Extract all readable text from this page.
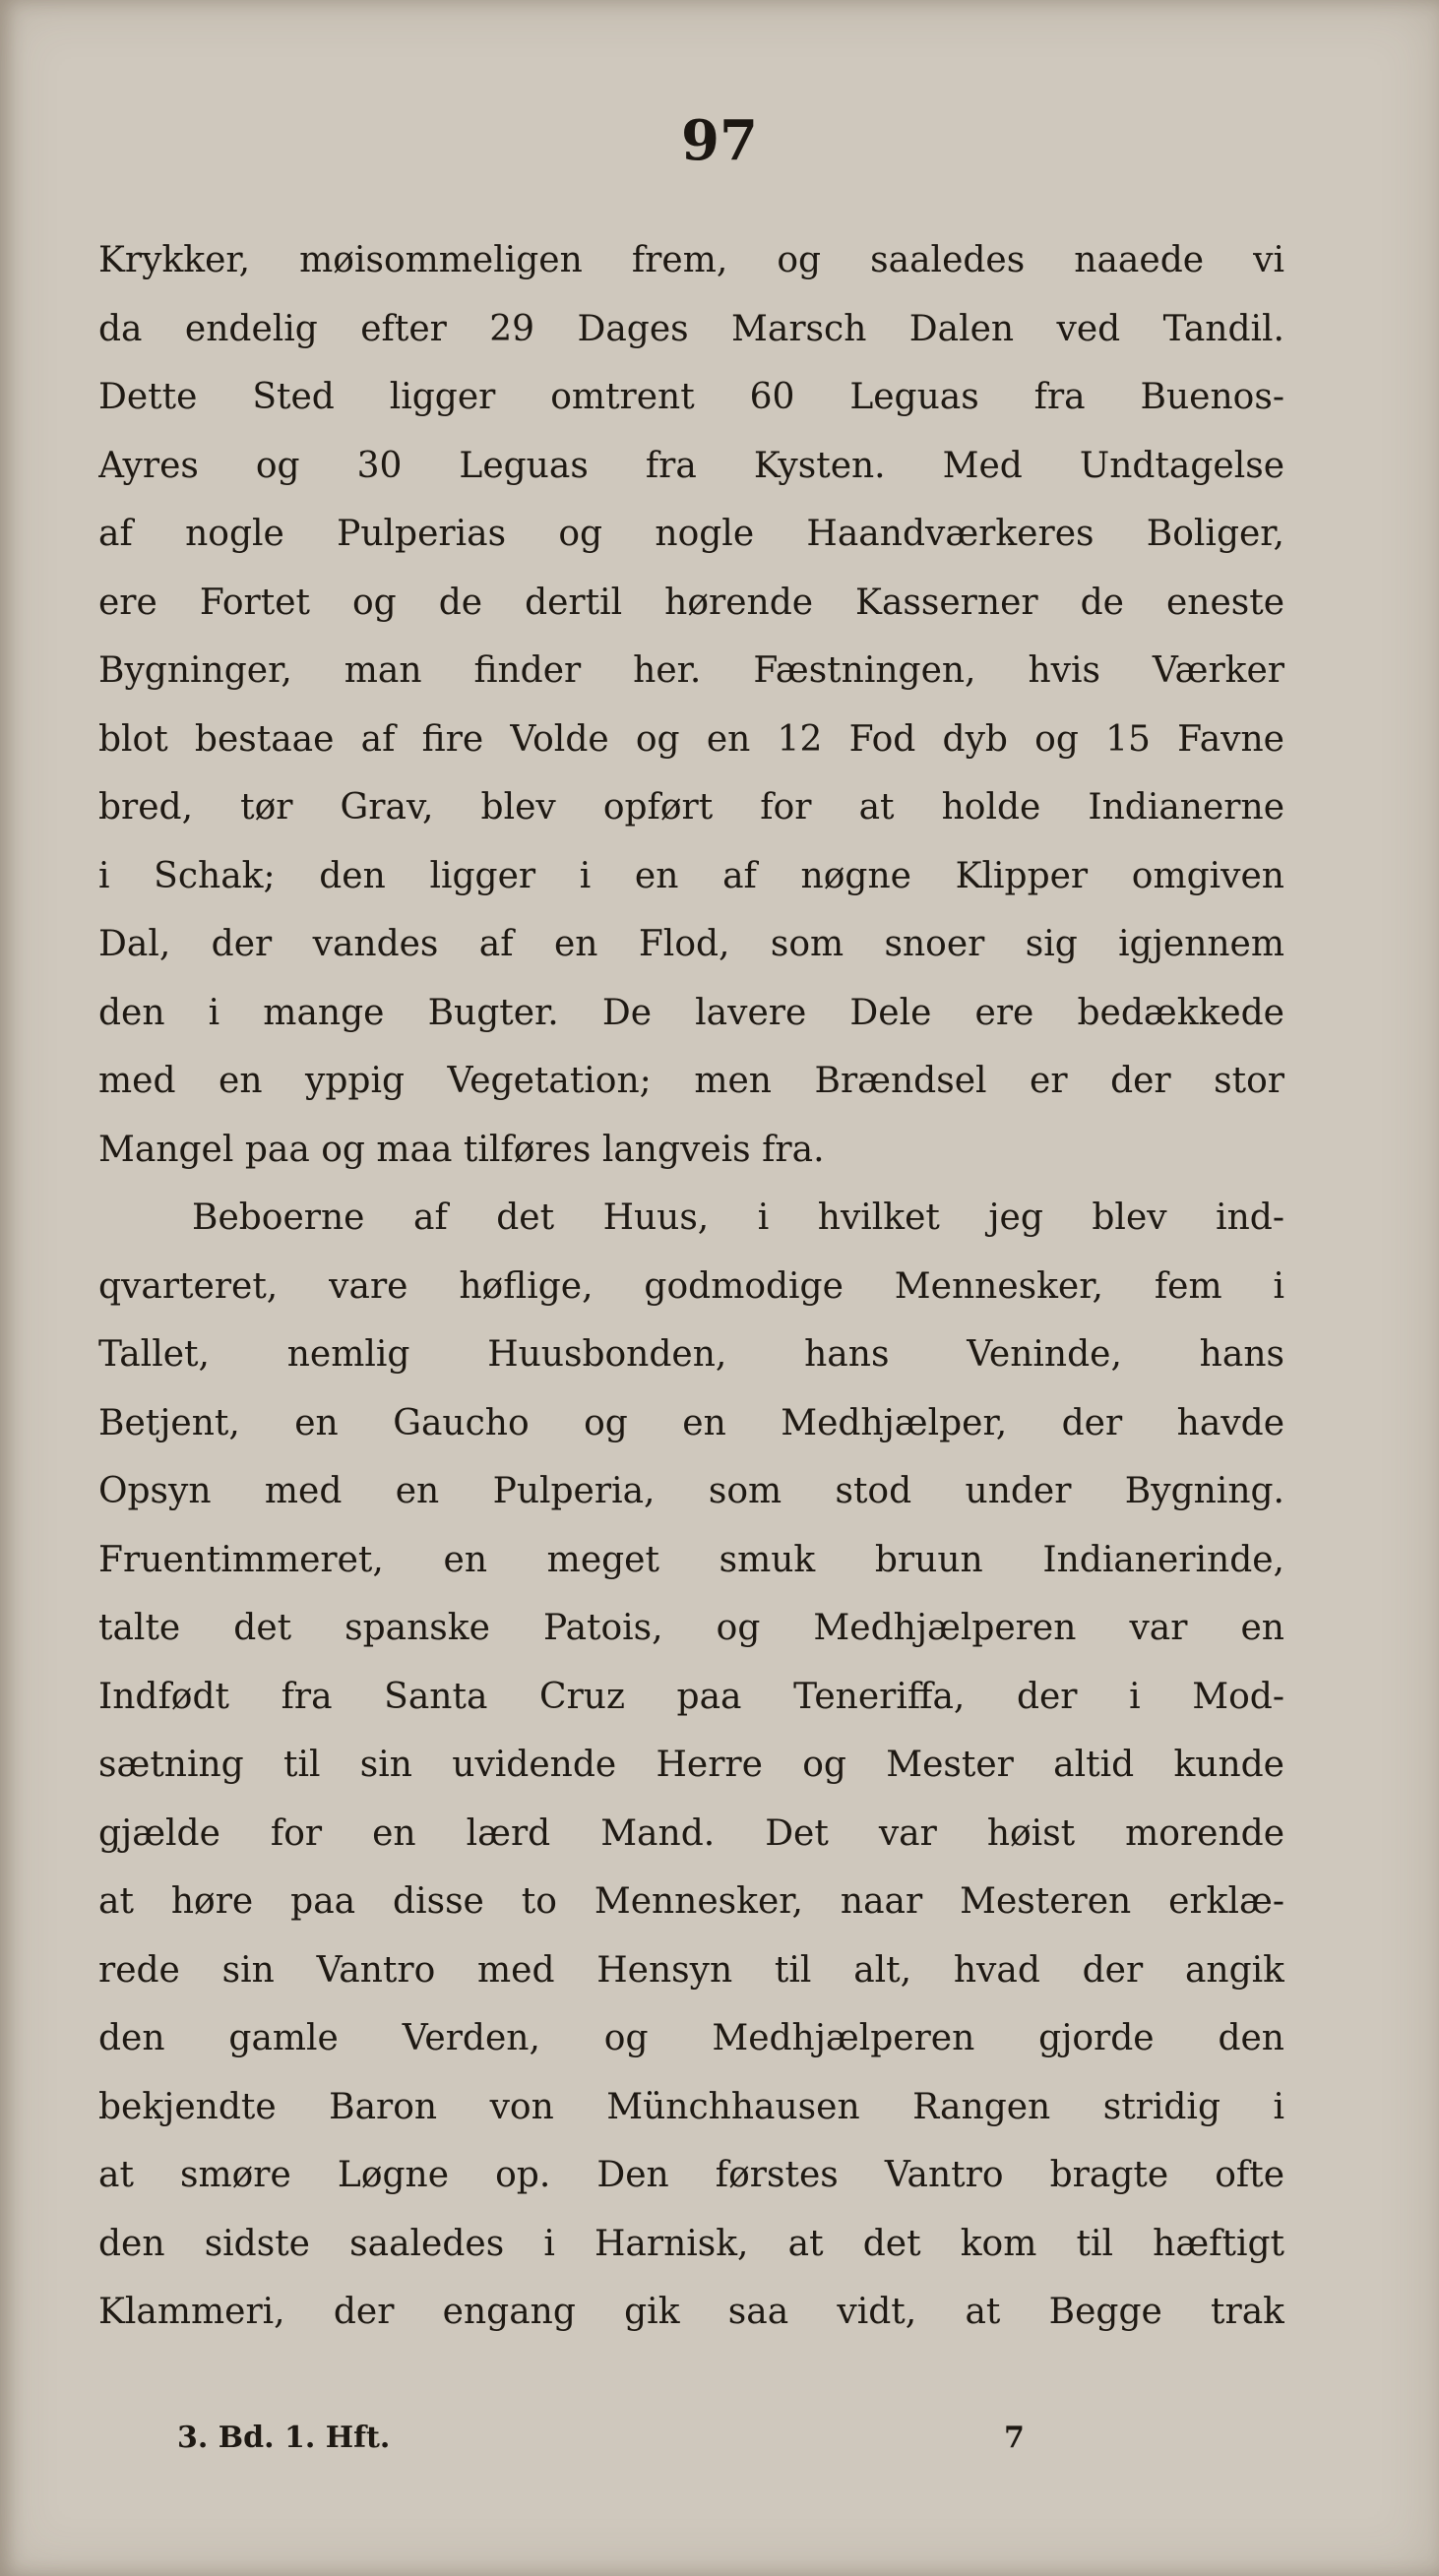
97
Krykker, møisommeligen frem, og saaledes naaede vi
da endelig efter 29 Dages Marsch Dalen ved Tandil.
Dette Sted ligger omtrent 60 Leguas fra Buenos-
Ayres og 30 Leguas fra Kysten. Med Undtagelse
af nogle Pulperias og nogle Haandværkeres Boliger,
ere Fortet og de dertil hørende Kasserner de eneste
Bygninger, man finder her. Fæstningen, hvis Værker
blot bestaae af fire Volde og en 12 Fod dyb og 15 Favne
bred, tør Grav, blev opført for at holde Indianerne
i Schak; den ligger i en af nøgne Klipper omgiven
Dal, der vandes af en Flod, som snoer sig igjennem
den i mange Bugter. De lavere Dele ere bedækkede
med en yppig Vegetation; men Brændsel er der stor
Mangel paa og maa tilføres langveis fra.
Beboerne af det Huus, i hvilket jeg blev ind-
qvarteret, vare høflige, godmodige Mennesker, fem i
Tallet, nemlig Huusbonden, hans Veninde, hans
Betjent, en Gaucho og en Medhjælper, der havde
Opsyn med en Pulperia, som stod under Bygning.
Fruentimmeret, en meget smuk bruun Indianerinde,
talte det spanske Patois, og Medhjælperen var en
Indfødt fra Santa Cruz paa Teneriffa, der i Mod-
sætning til sin uvidende Herre og Mester altid kunde
gjælde for en lærd Mand. Det var høist morende
at høre paa disse to Mennesker, naar Mesteren erklæ-
rede sin Vantro med Hensyn til alt, hvad der angik
den gamle Verden, og Medhjælperen gjorde den
bekjendte Baron von Münchhausen Rangen stridig i
at smøre Løgne op. Den førstes Vantro bragte ofte
den sidste saaledes i Harnisk, at det kom til hæftigt
Klammeri, der engang gik saa vidt, at Begge trak
3. Bd. 1. Hft.	7
